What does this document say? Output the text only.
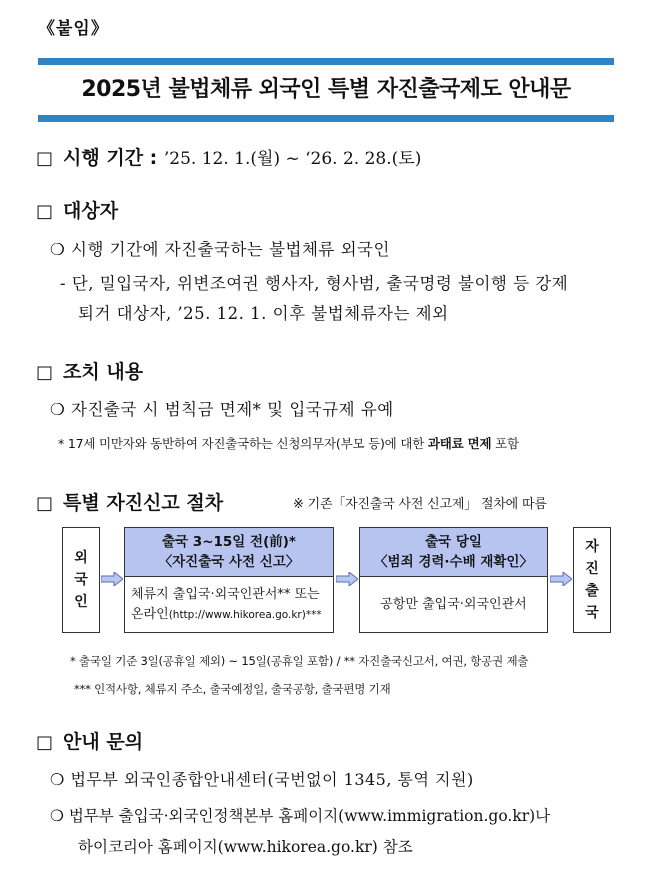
《붙임》
2025년 불법체류 외국인 특별 자진출국제도 안내문
□ 시행 기간 : ’25. 12. 1.(월) ~ ‘26. 2. 28.(토)
□ 대상자
❍ 시행 기간에 자진출국하는 불법체류 외국인
- 단, 밀입국자, 위변조여권 행사자, 형사범, 출국명령 불이행 등 강제
퇴거 대상자, ’25. 12. 1. 이후 불법체류자는 제외
□ 조치 내용
❍ 자진출국 시 범칙금 면제* 및 입국규제 유예
* 17세 미만자와 동반하여 자진출국하는 신청의무자(부모 등)에 대한 과태료 면제 포함
□ 특별 자진신고 절차	※ 기존「자진출국 사전 신고제」 절차에 따름
외
국
인
출국 3~15일 전(前)*
〈자진출국 사전 신고〉
체류지 출입국·외국인관서** 또는
온라인(http://www.hikorea.go.kr)***
출국 당일
〈범죄 경력·수배 재확인〉
공항만 출입국·외국인관서
자
진
출
국
* 출국일 기준 3일(공휴일 제외) ~ 15일(공휴일 포함) / ** 자진출국신고서, 여권, 항공권 제출
*** 인적사항, 체류지 주소, 출국예정일, 출국공항, 출국편명 기재
□ 안내 문의
❍ 법무부 외국인종합안내센터(국번없이 1345, 통역 지원)
❍ 법무부 출입국·외국인정책본부 홈페이지(www.immigration.go.kr)나
하이코리아 홈페이지(www.hikorea.go.kr) 참조
